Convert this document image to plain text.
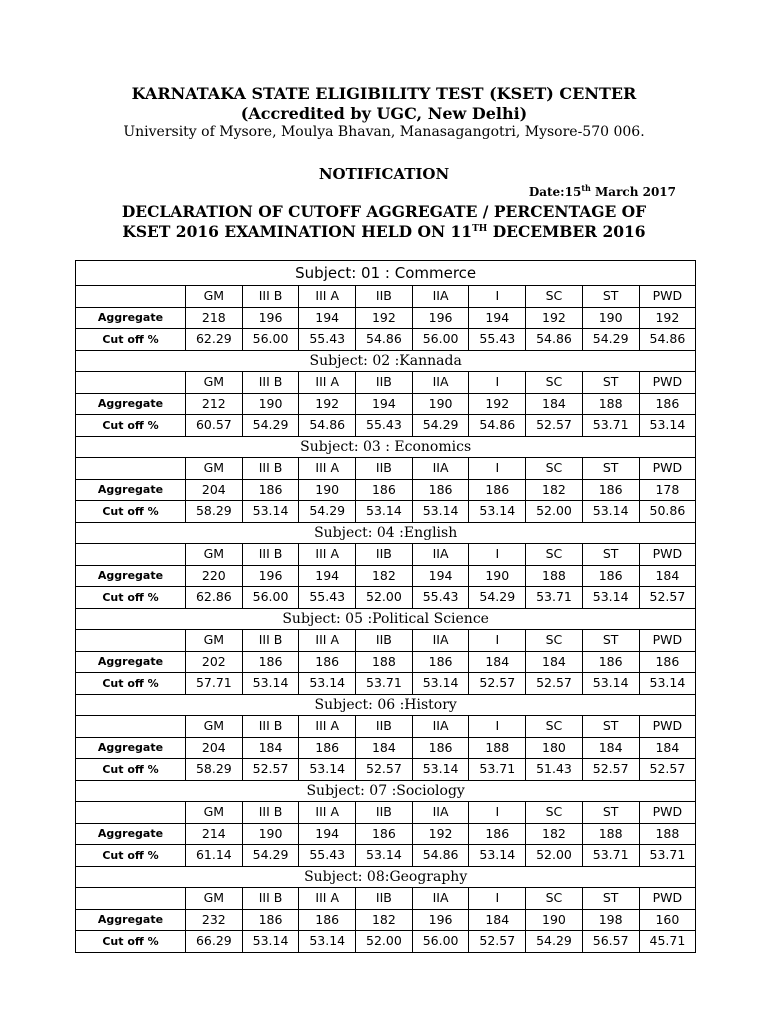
KARNATAKA STATE ELIGIBILITY TEST (KSET) CENTER
(Accredited by UGC, New Delhi)
University of Mysore, Moulya Bhavan, Manasagangotri, Mysore-570 006.
NOTIFICATION
Date:15th March 2017
DECLARATION OF CUTOFF AGGREGATE / PERCENTAGE OF
KSET 2016 EXAMINATION HELD ON 11TH DECEMBER 2016
Subject: 01 : Commerce									
	GM	III B	III A	IIB	IIA	I	SC	ST	PWD
Aggregate	218	196	194	192	196	194	192	190	192
Cut off %	62.29	56.00	55.43	54.86	56.00	55.43	54.86	54.29	54.86
Subject: 02 :Kannada									
	GM	III B	III A	IIB	IIA	I	SC	ST	PWD
Aggregate	212	190	192	194	190	192	184	188	186
Cut off %	60.57	54.29	54.86	55.43	54.29	54.86	52.57	53.71	53.14
Subject: 03 : Economics									
	GM	III B	III A	IIB	IIA	I	SC	ST	PWD
Aggregate	204	186	190	186	186	186	182	186	178
Cut off %	58.29	53.14	54.29	53.14	53.14	53.14	52.00	53.14	50.86
Subject: 04 :English									
	GM	III B	III A	IIB	IIA	I	SC	ST	PWD
Aggregate	220	196	194	182	194	190	188	186	184
Cut off %	62.86	56.00	55.43	52.00	55.43	54.29	53.71	53.14	52.57
Subject: 05 :Political Science									
	GM	III B	III A	IIB	IIA	I	SC	ST	PWD
Aggregate	202	186	186	188	186	184	184	186	186
Cut off %	57.71	53.14	53.14	53.71	53.14	52.57	52.57	53.14	53.14
Subject: 06 :History									
	GM	III B	III A	IIB	IIA	I	SC	ST	PWD
Aggregate	204	184	186	184	186	188	180	184	184
Cut off %	58.29	52.57	53.14	52.57	53.14	53.71	51.43	52.57	52.57
Subject: 07 :Sociology									
	GM	III B	III A	IIB	IIA	I	SC	ST	PWD
Aggregate	214	190	194	186	192	186	182	188	188
Cut off %	61.14	54.29	55.43	53.14	54.86	53.14	52.00	53.71	53.71
Subject: 08:Geography									
	GM	III B	III A	IIB	IIA	I	SC	ST	PWD
Aggregate	232	186	186	182	196	184	190	198	160
Cut off %	66.29	53.14	53.14	52.00	56.00	52.57	54.29	56.57	45.71
